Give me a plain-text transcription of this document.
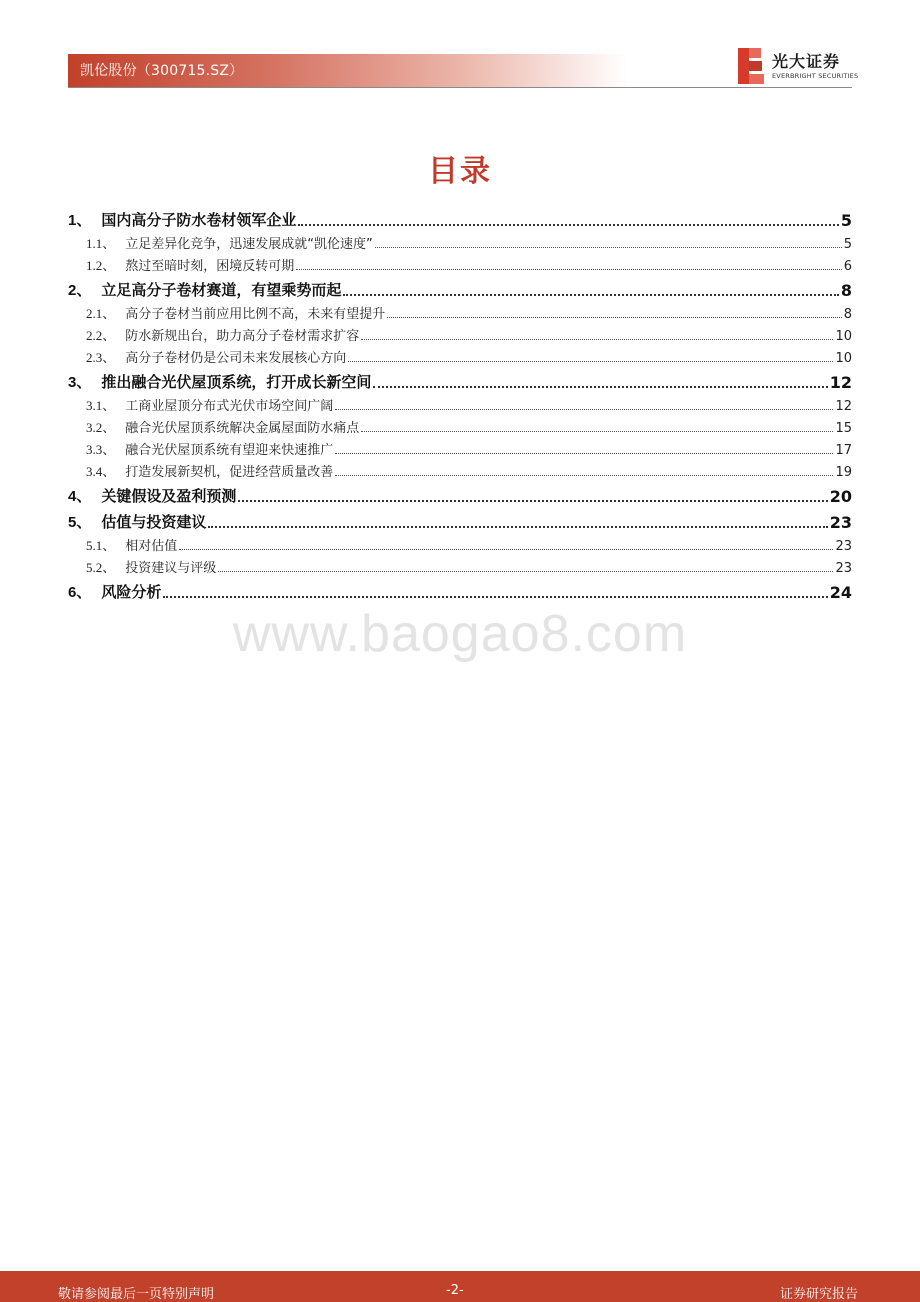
凯伦股份（300715.SZ）	光大证券
EVERBRIGHT SECURITIES
目录
1、 国内高分子防水卷材领军企业	5
1.1、 立足差异化竞争，迅速发展成就“凯伦速度”	5
1.2、 熬过至暗时刻，困境反转可期	6
2、 立足高分子卷材赛道，有望乘势而起	8
2.1、 高分子卷材当前应用比例不高，未来有望提升	8
2.2、 防水新规出台，助力高分子卷材需求扩容	10
2.3、 高分子卷材仍是公司未来发展核心方向	10
3、 推出融合光伏屋顶系统，打开成长新空间	12
3.1、 工商业屋顶分布式光伏市场空间广阔	12
3.2、 融合光伏屋顶系统解决金属屋面防水痛点	15
3.3、 融合光伏屋顶系统有望迎来快速推广	17
3.4、 打造发展新契机，促进经营质量改善	19
4、 关键假设及盈利预测	20
5、 估值与投资建议	23
5.1、 相对估值	23
5.2、 投资建议与评级	23
6、 风险分析	24
www.baogao8.com
敬请参阅最后一页特别声明	-2-	证券研究报告
